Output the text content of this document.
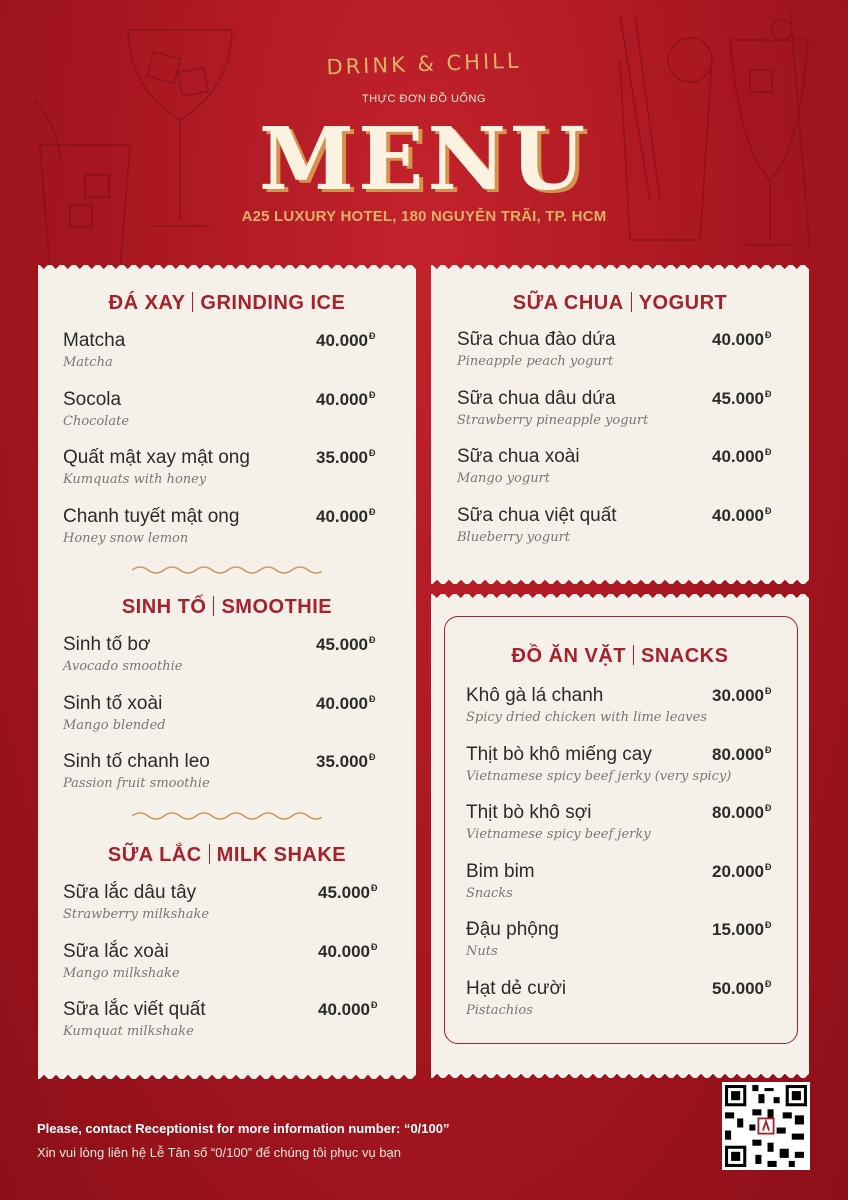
DRINK & CHILL
THỰC ĐƠN ĐỒ UỐNG
MENU
A25 LUXURY HOTEL, 180 NGUYỄN TRÃI, TP. HCM
ĐÁ XAY GRINDING ICE
Matcha
Matcha
$40.000^Đ$
Socola
Chocolate
$40.000^Đ$
Quất mật xay mật ong
Kumquats with honey
$35.000^Đ$
Chanh tuyết mật ong
Honey snow lemon
$40.000^Đ$
SINH TỐ SMOOTHIE
Sinh tố bơ
Avocado smoothie
$45.000^Đ$
Sinh tố xoài
Mango blended
$40.000^Đ$
Sinh tố chanh leo
Passion fruit smoothie
$35.000^Đ$
SỮA LẮC MILK SHAKE
Sữa lắc dâu tây
Strawberry milkshake
$45.000^Đ$
Sữa lắc xoài
Mango milkshake
$40.000^Đ$
Sữa lắc viết quất
Kumquat milkshake
$40.000^Đ$
SỮA CHUA YOGURT
Sữa chua đào dứa
Pineapple peach yogurt
$40.000^Đ$
Sữa chua dâu dứa
Strawberry pineapple yogurt
$45.000^Đ$
Sữa chua xoài
Mango yogurt
$40.000^Đ$
Sữa chua việt quất
Blueberry yogurt
$40.000^Đ$
ĐỒ ĂN VẶT SNACKS
Khô gà lá chanh
Spicy dried chicken with lime leaves
$30.000^Đ$
Thịt bò khô miếng cay
Vietnamese spicy beef jerky (very spicy)
$80.000^Đ$
Thịt bò khô sợi
Vietnamese spicy beef jerky
$80.000^Đ$
Bim bim
Snacks
$20.000^Đ$
Đậu phộng
Nuts
$15.000^Đ$
Hạt dẻ cười
Pistachios
$50.000^Đ$
Please, contact Receptionist for more information number: “0/100”
Xin vui lòng liên hệ Lễ Tân số “0/100” để chúng tôi phục vụ bạn
